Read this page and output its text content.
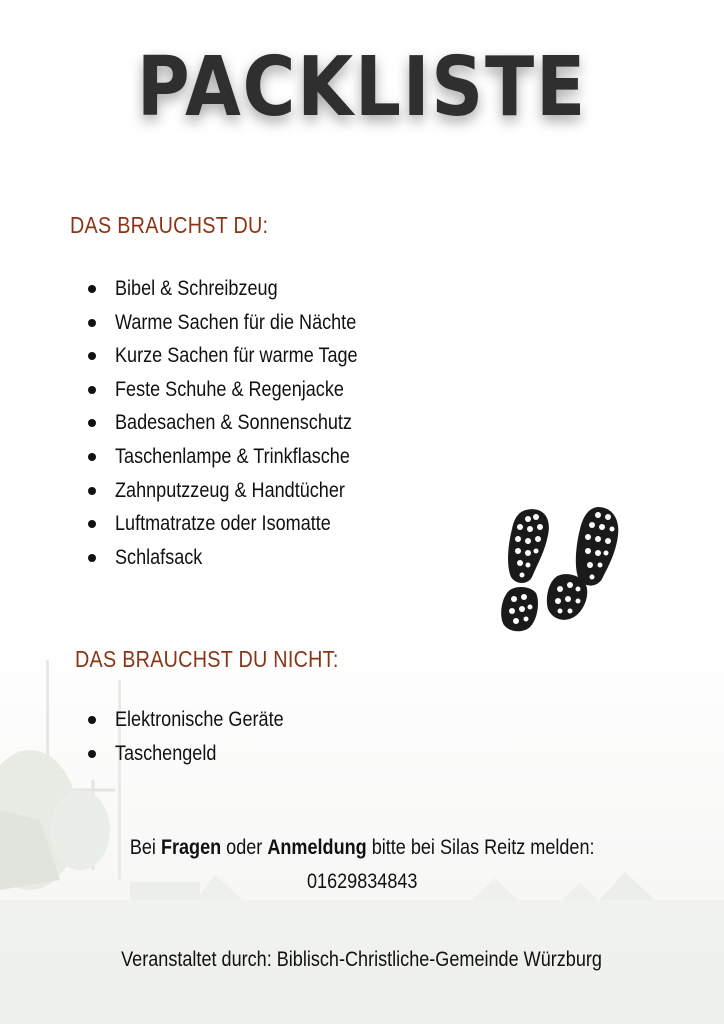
PACKLISTE
DAS BRAUCHST DU:
Bibel & Schreibzeug
Warme Sachen für die Nächte
Kurze Sachen für warme Tage
Feste Schuhe & Regenjacke
Badesachen & Sonnenschutz
Taschenlampe & Trinkflasche
Zahnputzzeug & Handtücher
Luftmatratze oder Isomatte
Schlafsack
DAS BRAUCHST DU NICHT:
Elektronische Geräte
Taschengeld
Bei Fragen oder Anmeldung bitte bei Silas Reitz melden:
01629834843
Veranstaltet durch: Biblisch-Christliche-Gemeinde Würzburg
